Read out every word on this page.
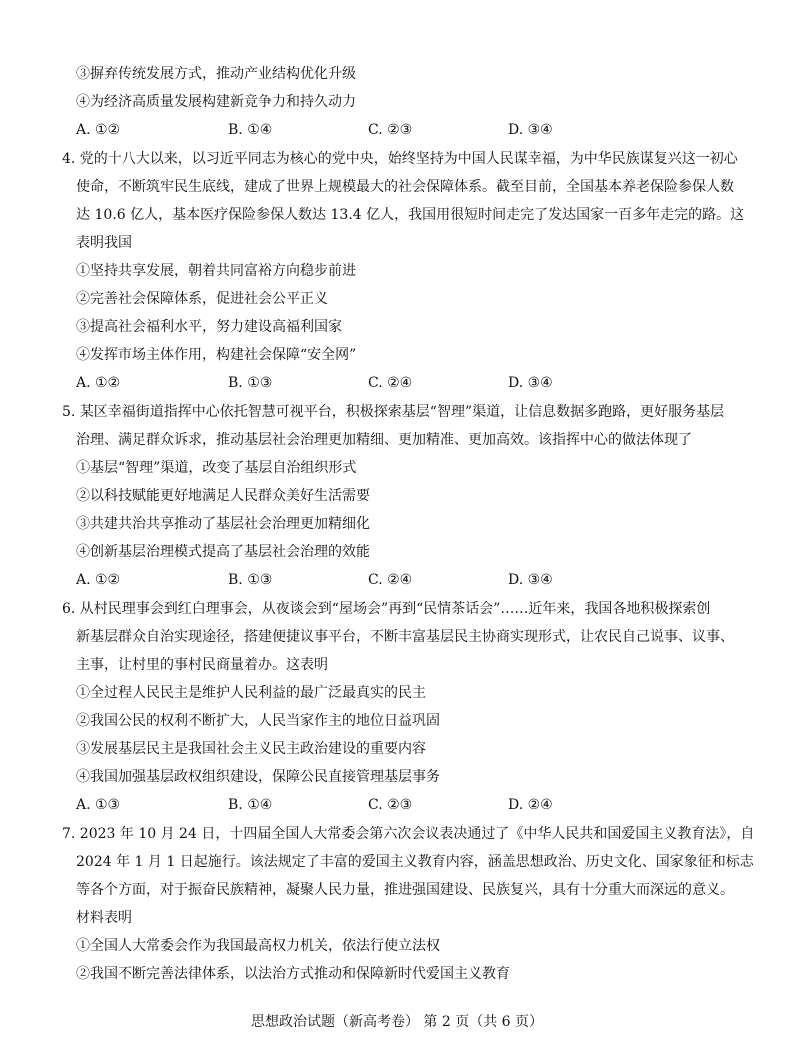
③摒弃传统发展方式，推动产业结构优化升级
④为经济高质量发展构建新竞争力和持久动力
A. ①②	B. ①④	C. ②③	D. ③④
4. 党的十八大以来，以习近平同志为核心的党中央，始终坚持为中国人民谋幸福，为中华民族谋复兴这一初心
使命，不断筑牢民生底线，建成了世界上规模最大的社会保障体系。截至目前，全国基本养老保险参保人数
达 10.6 亿人，基本医疗保险参保人数达 13.4 亿人，我国用很短时间走完了发达国家一百多年走完的路。这
表明我国
①坚持共享发展，朝着共同富裕方向稳步前进
②完善社会保障体系，促进社会公平正义
③提高社会福利水平，努力建设高福利国家
④发挥市场主体作用，构建社会保障“安全网”
A. ①②	B. ①③	C. ②④	D. ③④
5. 某区幸福街道指挥中心依托智慧可视平台，积极探索基层“智理”渠道，让信息数据多跑路，更好服务基层
治理、满足群众诉求，推动基层社会治理更加精细、更加精准、更加高效。该指挥中心的做法体现了
①基层“智理”渠道，改变了基层自治组织形式
②以科技赋能更好地满足人民群众美好生活需要
③共建共治共享推动了基层社会治理更加精细化
④创新基层治理模式提高了基层社会治理的效能
A. ①②	B. ①③	C. ②④	D. ③④
6. 从村民理事会到红白理事会，从夜谈会到“屋场会”再到“民情茶话会”……近年来，我国各地积极探索创
新基层群众自治实现途径，搭建便捷议事平台，不断丰富基层民主协商实现形式，让农民自己说事、议事、
主事，让村里的事村民商量着办。这表明
①全过程人民民主是维护人民利益的最广泛最真实的民主
②我国公民的权利不断扩大，人民当家作主的地位日益巩固
③发展基层民主是我国社会主义民主政治建设的重要内容
④我国加强基层政权组织建设，保障公民直接管理基层事务
A. ①③	B. ①④	C. ②③	D. ②④
7. 2023 年 10 月 24 日，十四届全国人大常委会第六次会议表决通过了《中华人民共和国爱国主义教育法》，自
2024 年 1 月 1 日起施行。该法规定了丰富的爱国主义教育内容，涵盖思想政治、历史文化、国家象征和标志
等各个方面，对于振奋民族精神，凝聚人民力量，推进强国建设、民族复兴，具有十分重大而深远的意义。
材料表明
①全国人大常委会作为我国最高权力机关，依法行使立法权
②我国不断完善法律体系，以法治方式推动和保障新时代爱国主义教育
思想政治试题（新高考卷） 第 2 页（共 6 页）
